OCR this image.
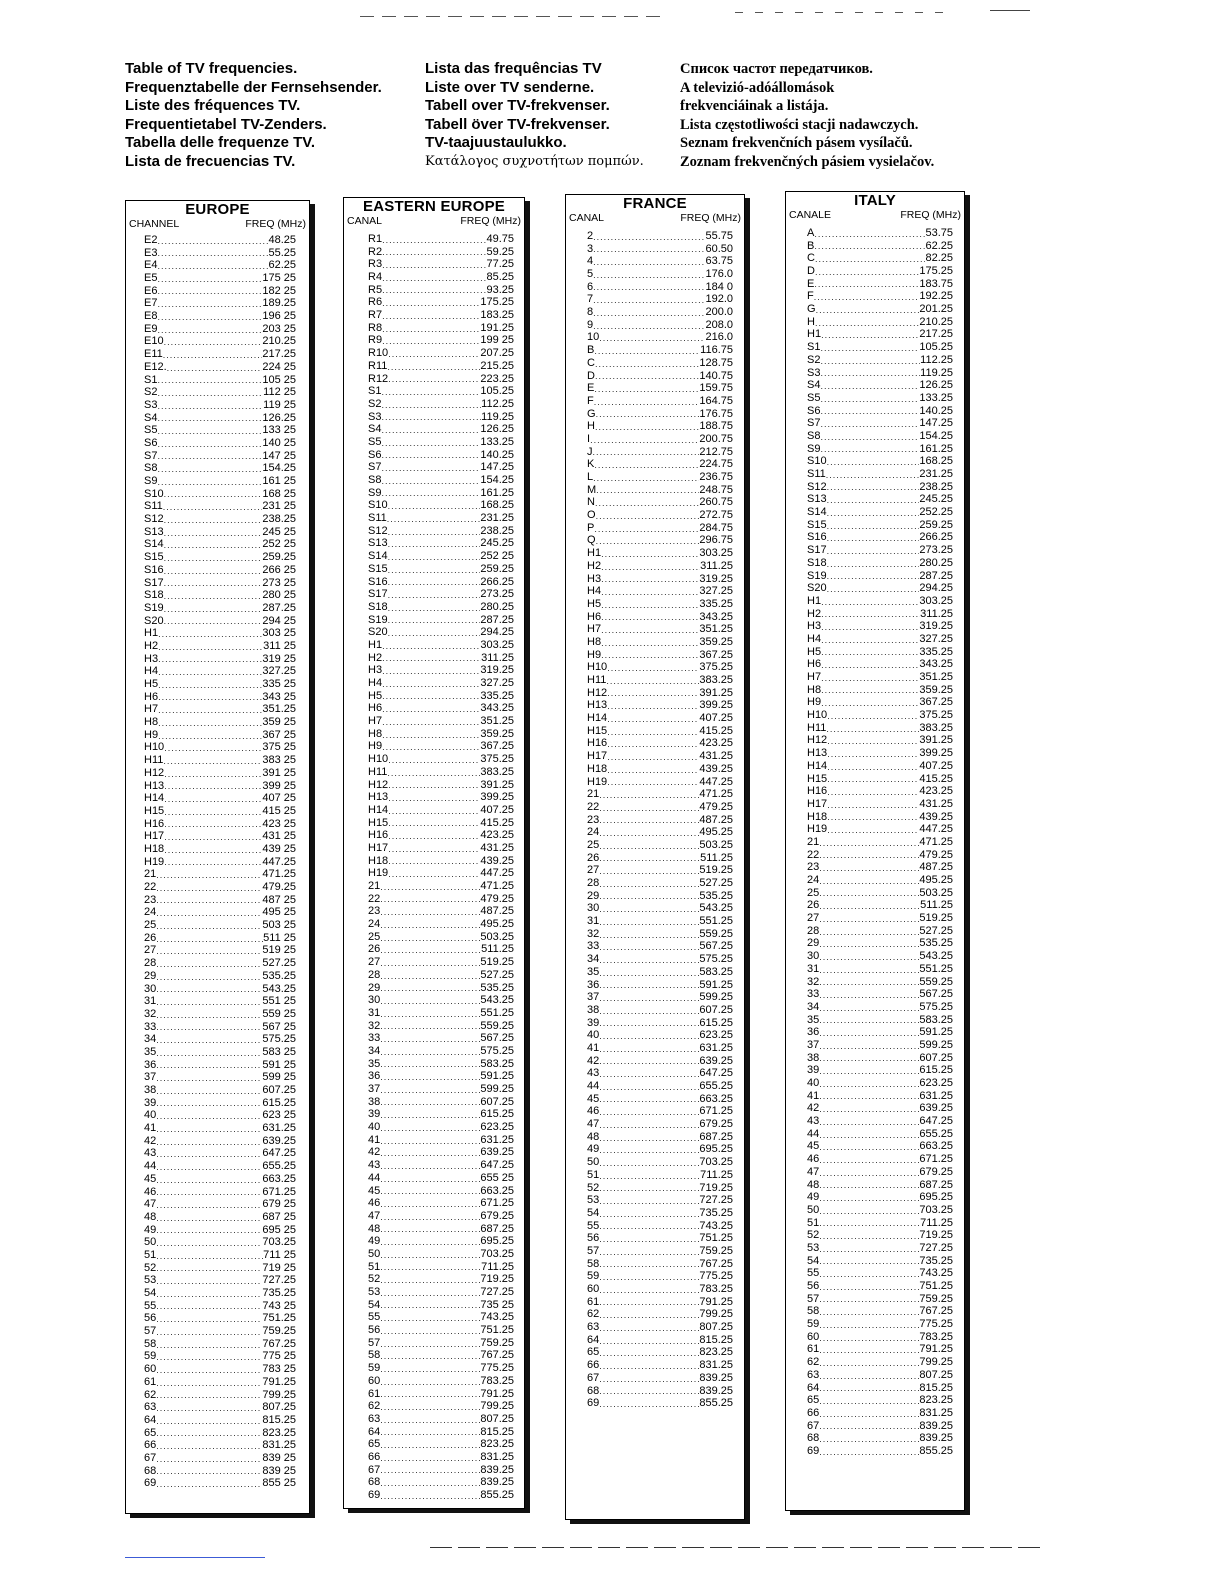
Table of TV frequencies.
Frequenztabelle der Fernsehsender.
Liste des fréquences TV.
Frequentietabel TV-Zenders.
Tabella delle frequenze TV.
Lista de frecuencias TV.
Lista das frequências TV
Liste over TV senderne.
Tabell over TV-frekvenser.
Tabell över TV-frekvenser.
TV-taajuustaulukko.
Κατάλογος συχνοτήτων πομπών.
Список частот передатчиков.
A televizió-adóállomások
frekvenciáinak a listája.
Lista częstotliwości stacji nadawczych.
Seznam frekvenčních pásem vysílačů.
Zoznam frekvenčných pásiem vysielačov.
EUROPE
CHANNEL	FREQ (MHz)
E2 .....	48.25
E3 .....	55.25
E4 .....	62.25
E5 .....	175 25
E6 .....	182 25
E7 .....	189.25
E8 .....	196 25
E9 .....	203 25
E10 .....	210.25
E11 .....	217.25
E12. .....	224 25
S1 .....	105 25
S2 .....	112 25
S3 .....	119 25
S4 .....	126.25
S5 .....	133 25
S6 .....	140 25
S7 .....	147 25
S8 .....	154.25
S9 .....	161 25
S10 .....	168 25
S11 .....	231 25
S12 .....	238.25
S13 .....	245 25
S14 .....	252 25
S15 .....	259.25
S16 .....	266 25
S17 .....	273 25
S18 .....	280 25
S19 .....	287.25
S20 .....	294 25
H1 .....	303 25
H2 .....	311 25
H3 .....	319 25
H4 .....	327.25
H5 .....	335 25
H6 .....	343 25
H7 .....	351.25
H8 .....	359 25
H9 .....	367 25
H10 .....	375 25
H11 .....	383 25
H12 .....	391 25
H13 .....	399 25
H14 .....	407 25
H15 .....	415 25
H16 .....	423 25
H17 .....	431 25
H18 .....	439 25
H19 .....	447.25
21 .....	471.25
22 .....	479.25
23 .....	487 25
24 .....	495 25
25 .....	503 25
26 .....	511 25
27 .....	519 25
28 .....	527.25
29 .....	535.25
30 .....	543.25
31 .....	551 25
32 .....	559 25
33 .....	567 25
34 .....	575.25
35 .....	583 25
36 .....	591 25
37 .....	599 25
38 .....	607.25
39 .....	615.25
40 .....	623 25
41 .....	631.25
42 .....	639.25
43 .....	647.25
44 .....	655.25
45 .....	663.25
46 .....	671.25
47 .....	679 25
48 .....	687 25
49 .....	695 25
50 .....	703.25
51 .....	711 25
52 .....	719 25
53 .....	727.25
54 .....	735.25
55 .....	743 25
56 .....	751.25
57 .....	759.25
58 .....	767.25
59 .....	775 25
60 .....	783 25
61 .....	791.25
62 .....	799.25
63 .....	807.25
64 .....	815.25
65 .....	823.25
66 .....	831.25
67 .....	839 25
68 .....	839 25
69 .....	855 25
EASTERN EUROPE
CANAL	FREQ (MHz)
R1 .....	49.75
R2 .....	59.25
R3 .....	77.25
R4 .....	85.25
R5 .....	93.25
R6 .....	175.25
R7 .....	183.25
R8 .....	191.25
R9 .....	199 25
R10 .....	207.25
R11 .....	215.25
R12 .....	223.25
S1 .....	105.25
S2 .....	112.25
S3 .....	119.25
S4 .....	126.25
S5 .....	133.25
S6 .....	140.25
S7 .....	147.25
S8 .....	154.25
S9 .....	161.25
S10 .....	168.25
S11 .....	231.25
S12 .....	238.25
S13 .....	245.25
S14 .....	252 25
S15 .....	259.25
S16 .....	266.25
S17 .....	273.25
S18 .....	280.25
S19 .....	287.25
S20 .....	294.25
H1 .....	303.25
H2 .....	311.25
H3 .....	319.25
H4 .....	327.25
H5 .....	335.25
H6 .....	343.25
H7 .....	351.25
H8 .....	359.25
H9 .....	367.25
H10 .....	375.25
H11 .....	383.25
H12 .....	391.25
H13 .....	399.25
H14 .....	407.25
H15 .....	415.25
H16 .....	423.25
H17 .....	431.25
H18 .....	439.25
H19 .....	447.25
21 .....	471.25
22 .....	479.25
23 .....	487.25
24 .....	495.25
25 .....	503.25
26 .....	511.25
27 .....	519.25
28 .....	527.25
29 .....	535.25
30 .....	543.25
31 .....	551.25
32 .....	559.25
33 .....	567.25
34 .....	575.25
35 .....	583.25
36 .....	591.25
37 .....	599.25
38 .....	607.25
39 .....	615.25
40 .....	623.25
41 .....	631.25
42 .....	639.25
43 .....	647.25
44 .....	655 25
45 .....	663.25
46 .....	671.25
47 .....	679.25
48 .....	687.25
49 .....	695.25
50 .....	703.25
51 .....	711.25
52 .....	719.25
53 .....	727.25
54 .....	735 25
55 .....	743.25
56 .....	751.25
57 .....	759.25
58 .....	767.25
59 .....	775.25
60 .....	783.25
61 .....	791.25
62 .....	799.25
63 .....	807.25
64 .....	815.25
65 .....	823.25
66 .....	831.25
67 .....	839.25
68 .....	839.25
69 .....	855.25
FRANCE
CANAL	FREQ (MHz)
2 .....	55.75
3 .....	60.50
4 .....	63.75
5 .....	176.0
6 .....	184 0
7 .....	192.0
8 .....	200.0
9 .....	208.0
10 .....	216.0
B .....	116.75
C .....	128.75
D .....	140.75
E .....	159.75
F .....	164.75
G .....	176.75
H .....	188.75
I .....	200.75
J .....	212.75
K .....	224.75
L .....	236.75
M .....	248.75
N .....	260.75
O .....	272.75
P .....	284.75
Q .....	296.75
H1 .....	303.25
H2 .....	311.25
H3 .....	319.25
H4 .....	327.25
H5 .....	335.25
H6 .....	343.25
H7 .....	351.25
H8 .....	359.25
H9 .....	367.25
H10 .....	375.25
H11 .....	383.25
H12 .....	391.25
H13 .....	399.25
H14 .....	407.25
H15 .....	415.25
H16 .....	423.25
H17 .....	431.25
H18 .....	439.25
H19 .....	447.25
21 .....	471.25
22 .....	479.25
23 .....	487.25
24 .....	495.25
25 .....	503.25
26 .....	511.25
27 .....	519.25
28 .....	527.25
29 .....	535.25
30 .....	543.25
31 .....	551.25
32 .....	559.25
33 .....	567.25
34 .....	575.25
35 .....	583.25
36 .....	591.25
37 .....	599.25
38 .....	607.25
39 .....	615.25
40 .....	623.25
41 .....	631.25
42 .....	639.25
43 .....	647.25
44 .....	655.25
45 .....	663.25
46 .....	671.25
47 .....	679.25
48 .....	687.25
49 .....	695.25
50 .....	703.25
51 .....	711.25
52 .....	719.25
53 .....	727.25
54 .....	735.25
55 .....	743.25
56 .....	751.25
57 .....	759.25
58 .....	767.25
59 .....	775.25
60 .....	783.25
61 .....	791.25
62 .....	799.25
63 .....	807.25
64 .....	815.25
65 .....	823.25
66 .....	831.25
67 .....	839.25
68 .....	839.25
69 .....	855.25
ITALY
CANALE	FREQ (MHz)
A .....	53.75
B .....	62.25
C .....	82.25
D .....	175.25
E .....	183.75
F .....	192.25
G .....	201.25
H .....	210.25
H1 .....	217.25
S1 .....	105.25
S2 .....	112.25
S3 .....	119.25
S4 .....	126.25
S5 .....	133.25
S6 .....	140.25
S7 .....	147.25
S8 .....	154.25
S9 .....	161.25
S10 .....	168.25
S11 .....	231.25
S12 .....	238.25
S13 .....	245.25
S14 .....	252.25
S15 .....	259.25
S16 .....	266.25
S17 .....	273.25
S18 .....	280.25
S19 .....	287.25
S20 .....	294.25
H1 .....	303.25
H2 .....	311.25
H3 .....	319.25
H4 .....	327.25
H5 .....	335.25
H6 .....	343.25
H7 .....	351.25
H8 .....	359.25
H9 .....	367.25
H10 .....	375.25
H11 .....	383.25
H12 .....	391.25
H13 .....	399.25
H14 .....	407.25
H15 .....	415.25
H16 .....	423.25
H17 .....	431.25
H18 .....	439.25
H19 .....	447.25
21 .....	471.25
22 .....	479.25
23 .....	487.25
24 .....	495.25
25 .....	503.25
26 .....	511.25
27 .....	519.25
28 .....	527.25
29 .....	535.25
30 .....	543.25
31 .....	551.25
32 .....	559.25
33 .....	567.25
34 .....	575.25
35 .....	583.25
36 .....	591.25
37 .....	599.25
38 .....	607.25
39 .....	615.25
40 .....	623.25
41 .....	631.25
42 .....	639.25
43 .....	647.25
44 .....	655.25
45 .....	663.25
46 .....	671.25
47 .....	679.25
48 .....	687.25
49 .....	695.25
50 .....	703.25
51 .....	711.25
52 .....	719.25
53 .....	727.25
54 .....	735.25
55 .....	743.25
56 .....	751.25
57 .....	759.25
58 .....	767.25
59 .....	775.25
60 .....	783.25
61 .....	791.25
62 .....	799.25
63 .....	807.25
64 .....	815.25
65 .....	823.25
66 .....	831.25
67 .....	839.25
68 .....	839.25
69 .....	855.25
